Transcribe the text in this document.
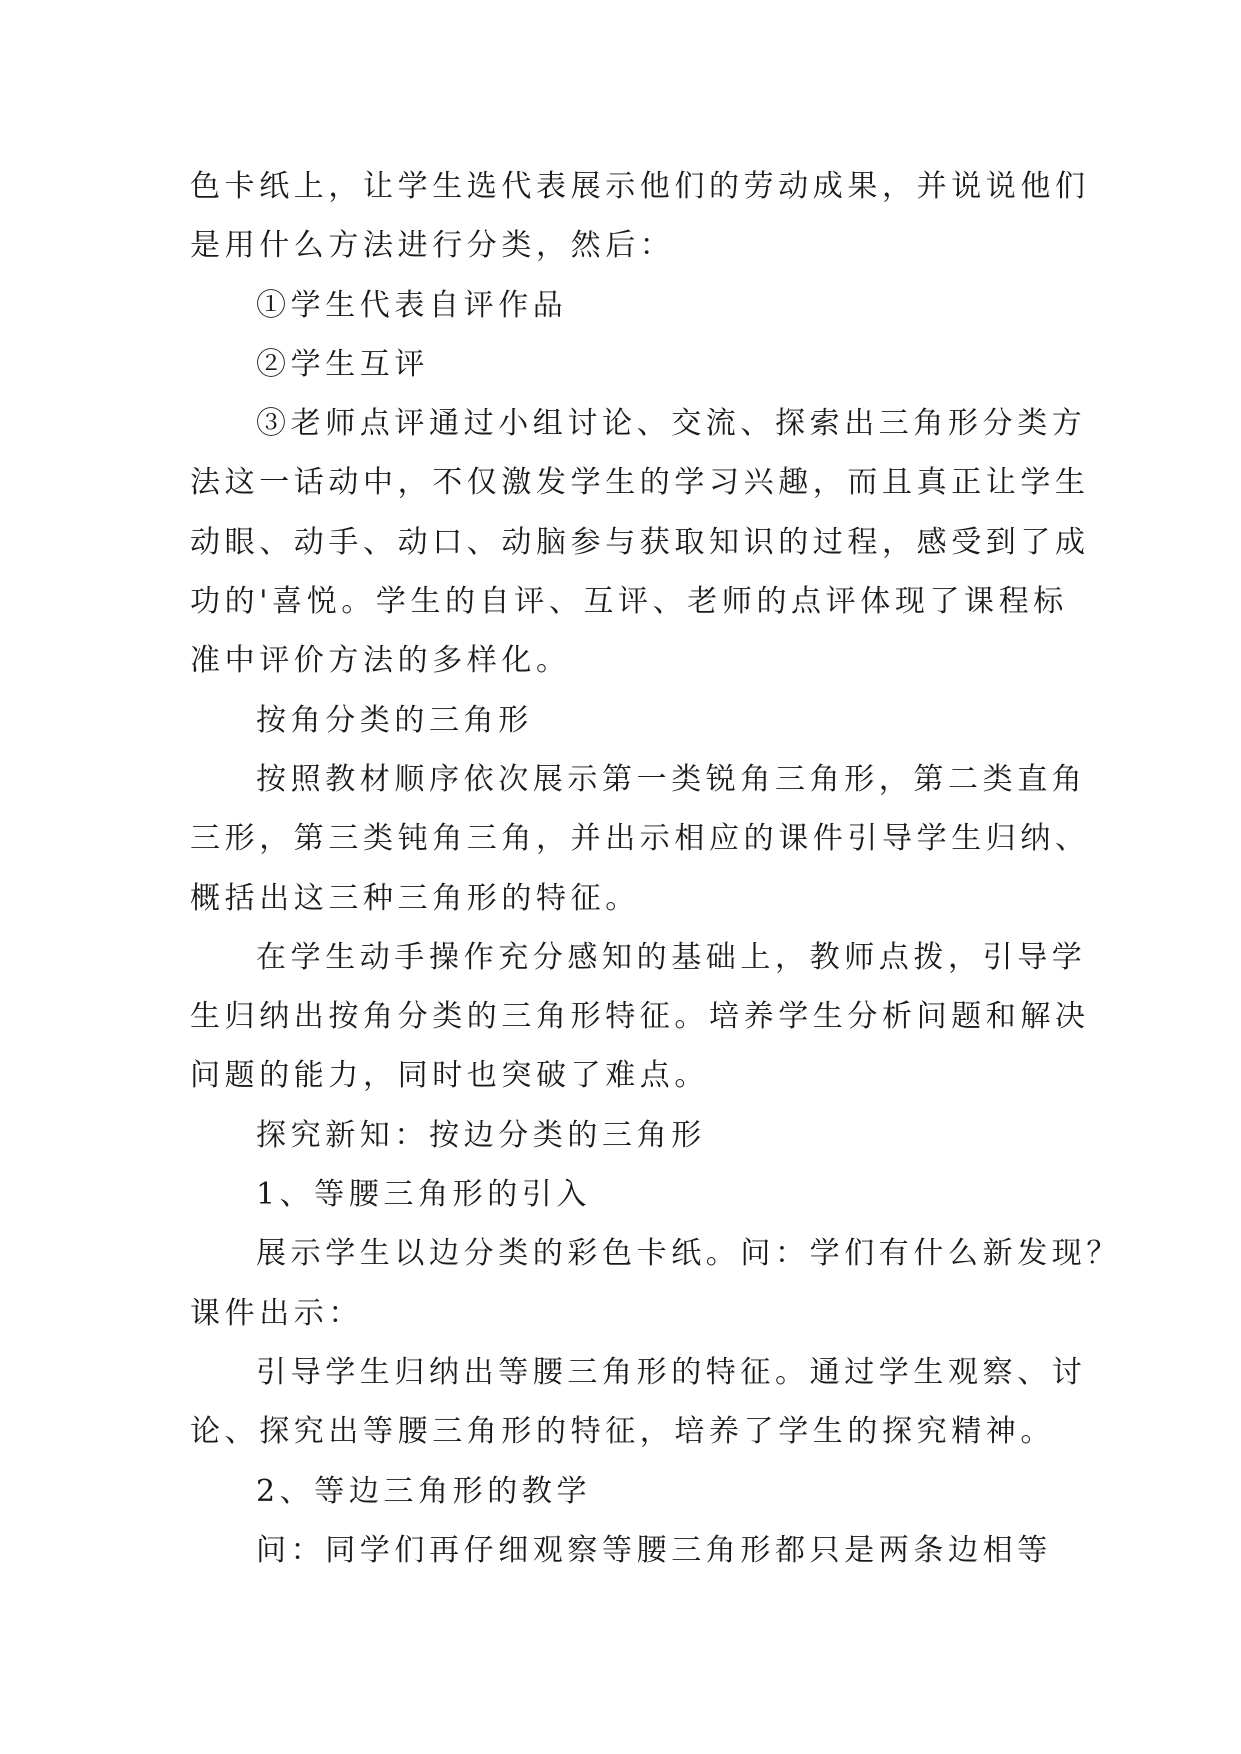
色卡纸上，让学生选代表展示他们的劳动成果，并说说他们
是用什么方法进行分类，然后：
①学生代表自评作品
②学生互评
③老师点评通过小组讨论、交流、探索出三角形分类方
法这一话动中，不仅激发学生的学习兴趣，而且真正让学生
动眼、动手、动口、动脑参与获取知识的过程，感受到了成
功的'喜悦。学生的自评、互评、老师的点评体现了课程标
准中评价方法的多样化。
按角分类的三角形
按照教材顺序依次展示第一类锐角三角形，第二类直角
三形，第三类钝角三角，并出示相应的课件引导学生归纳、
概括出这三种三角形的特征。
在学生动手操作充分感知的基础上，教师点拨，引导学
生归纳出按角分类的三角形特征。培养学生分析问题和解决
问题的能力，同时也突破了难点。
探究新知：按边分类的三角形
1、等腰三角形的引入
展示学生以边分类的彩色卡纸。问：学们有什么新发现？
课件出示：
引导学生归纳出等腰三角形的特征。通过学生观察、讨
论、探究出等腰三角形的特征，培养了学生的探究精神。
2、等边三角形的教学
问：同学们再仔细观察等腰三角形都只是两条边相等
